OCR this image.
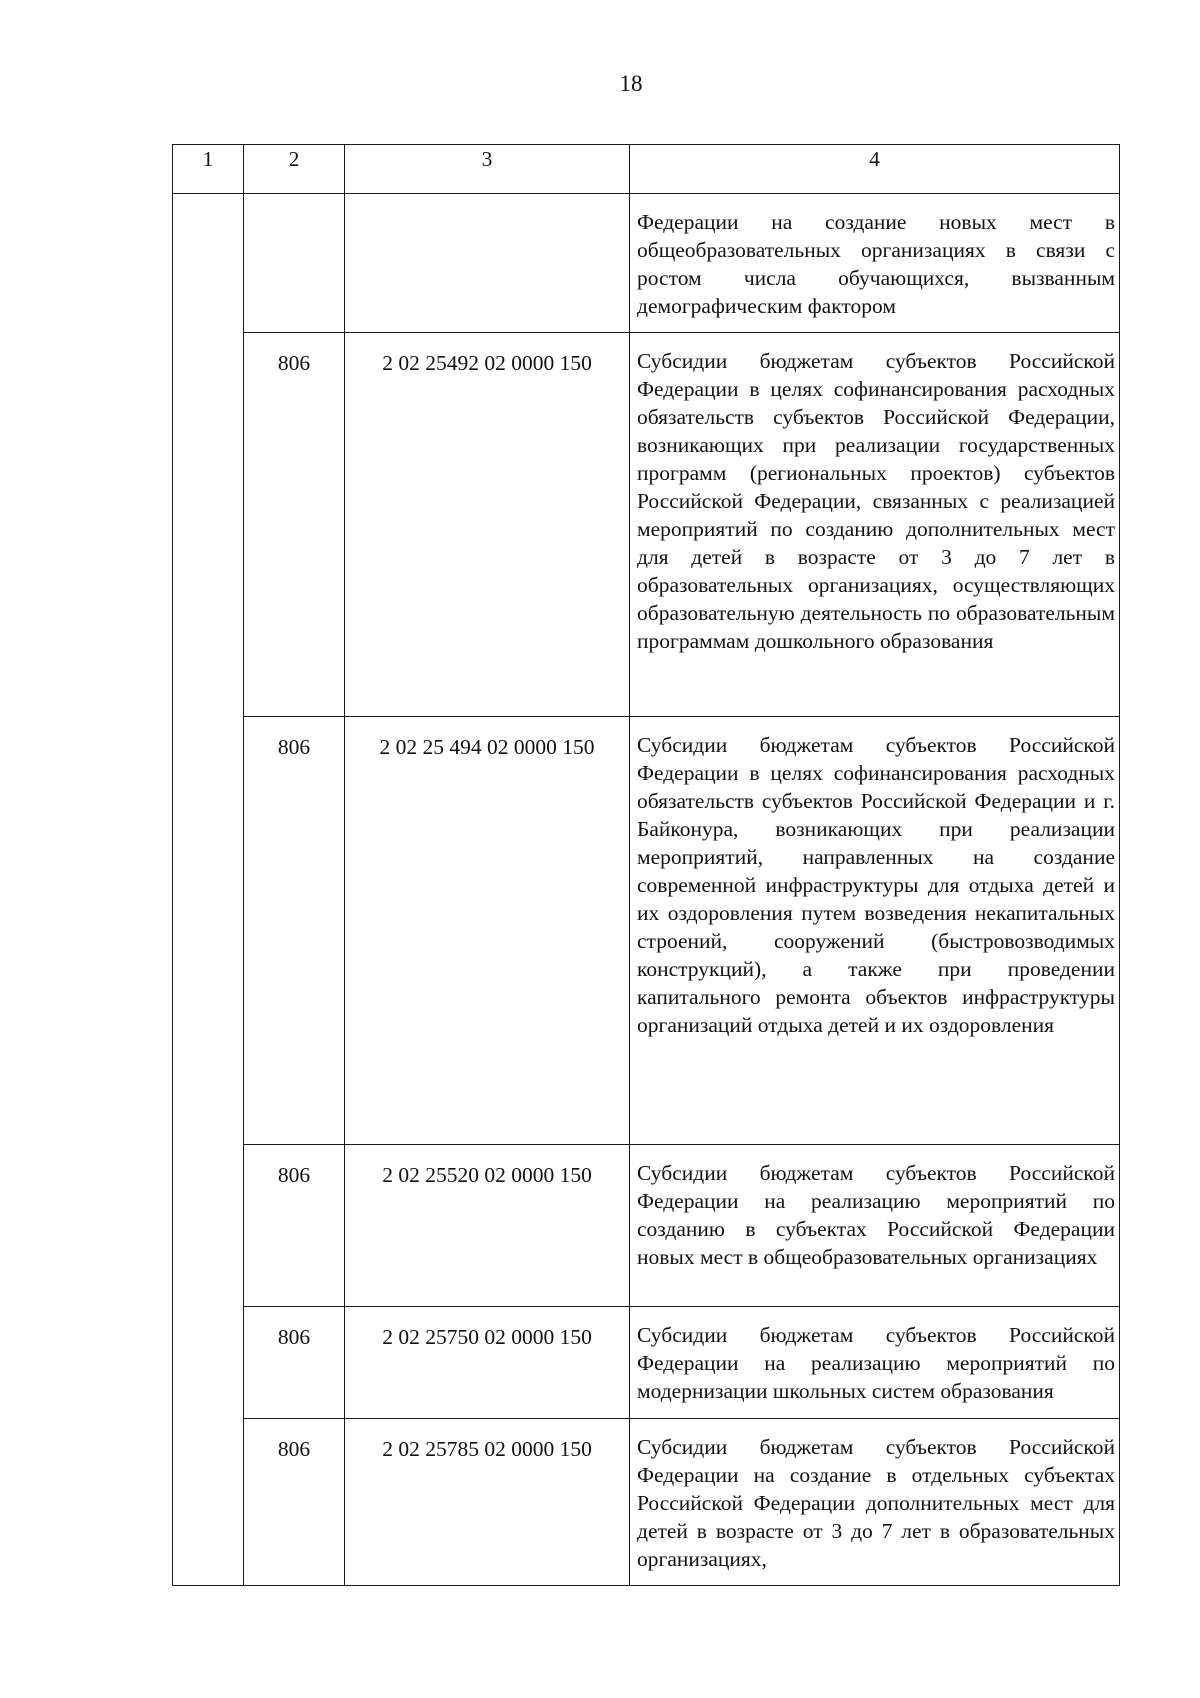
18
1	2	3	4
			Федерации на создание новых мест в общеобразовательных организациях в связи с ростом числа обучающихся, вызванным демографическим фактором
	806	2 02 25492 02 0000 150	Субсидии бюджетам субъектов Российской Федерации в целях софинансирования расходных обязательств субъектов Российской Федерации, возникающих при реализации государственных программ (региональных проектов) субъектов Российской Федерации, связанных с реализацией мероприятий по созданию дополнительных мест для детей в возрасте от 3 до 7 лет в образовательных организациях, осуществляющих образовательную деятельность по образовательным программам дошкольного образования
	806	2 02 25 494 02 0000 150	Субсидии бюджетам субъектов Российской Федерации в целях софинансирования расходных обязательств субъектов Российской Федерации и г. Байконура, возникающих при реализации мероприятий, направленных на создание современной инфраструктуры для отдыха детей и их оздоровления путем возведения некапитальных строений, сооружений (быстровозводимых конструкций), а также при проведении капитального ремонта объектов инфраструктуры организаций отдыха детей и их оздоровления
	806	2 02 25520 02 0000 150	Субсидии бюджетам субъектов Российской Федерации на реализацию мероприятий по созданию в субъектах Российской Федерации новых мест в общеобразовательных организациях
	806	2 02 25750 02 0000 150	Субсидии бюджетам субъектов Российской Федерации на реализацию мероприятий по модернизации школьных систем образования
	806	2 02 25785 02 0000 150	Субсидии бюджетам субъектов Российской Федерации на создание в отдельных субъектах Российской Федерации дополнительных мест для детей в возрасте от 3 до 7 лет в образовательных организациях,
